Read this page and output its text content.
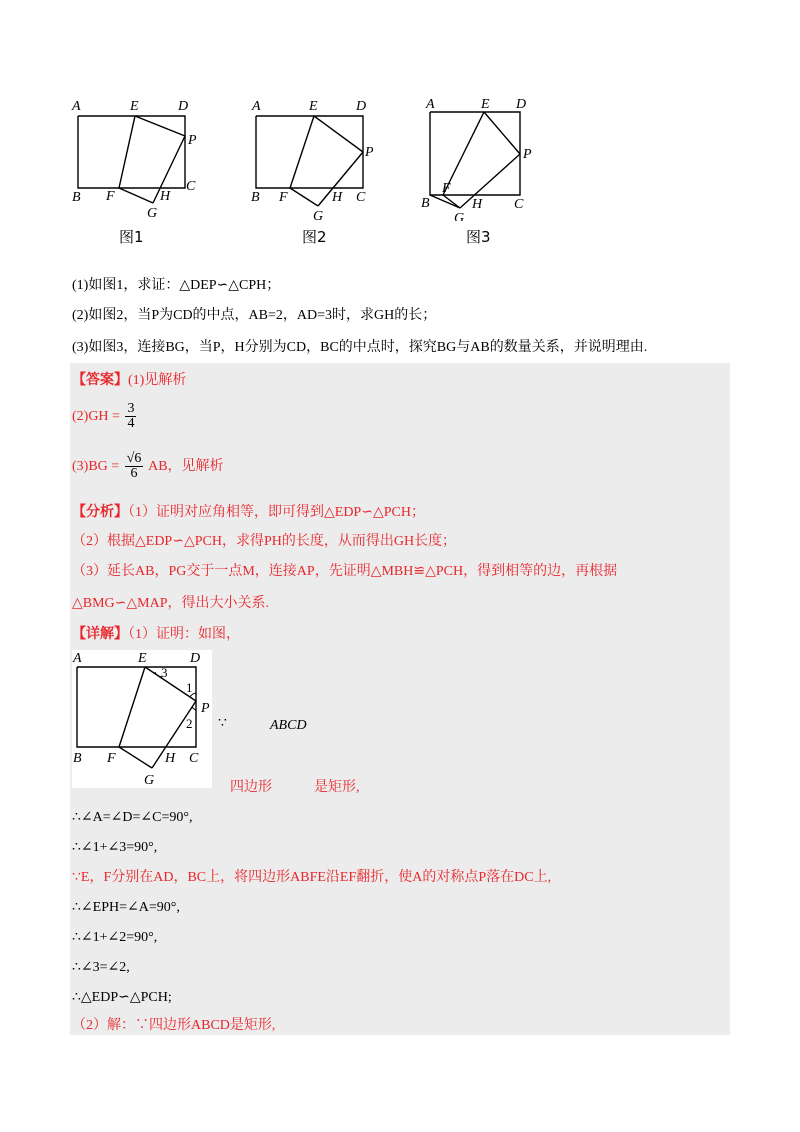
A	E	D
P
C
B F	H
G
图1
A	E	D
P
C
B F	H
G
图2
A	E D
P
C
B
F
H
G
图3
(1)如图1，求证：△DEP∽△CPH；
(2)如图2，当P为CD的中点，AB=2，AD=3时，求GH的长；
(3)如图3，连接BG，当P，H分别为CD，BC的中点时，探究BG与AB的数量关系，并说明理由.
【答案】(1)见解析
$(2)GH = \frac{3}{4}$
$(3)BG = \frac{√6}{6}$ AB，见解析
【分析】（1）证明对应角相等，即可得到△EDP∽△PCH；
（2）根据△EDP∽△PCH，求得PH的长度，从而得出GH长度；
（3）延长AB，PG交于一点M，连接AP，先证明△MBH≌△PCH，得到相等的边，再根据
△BMG∽△MAP，得出大小关系.
【详解】（1）证明：如图，
A	E	D
P
C
B F	H
G
3
1
2 ∵	ABCD
四边形	是矩形,
∴∠A=∠D=∠C=90°,
∴∠1+∠3=90°,
∵E，F分别在AD，BC上，将四边形ABFE沿EF翻折，使A的对称点P落在DC上,
∴∠EPH=∠A=90°,
∴∠1+∠2=90°,
∴∠3=∠2,
∴△EDP∽△PCH;
（2）解：∵四边形ABCD是矩形,
